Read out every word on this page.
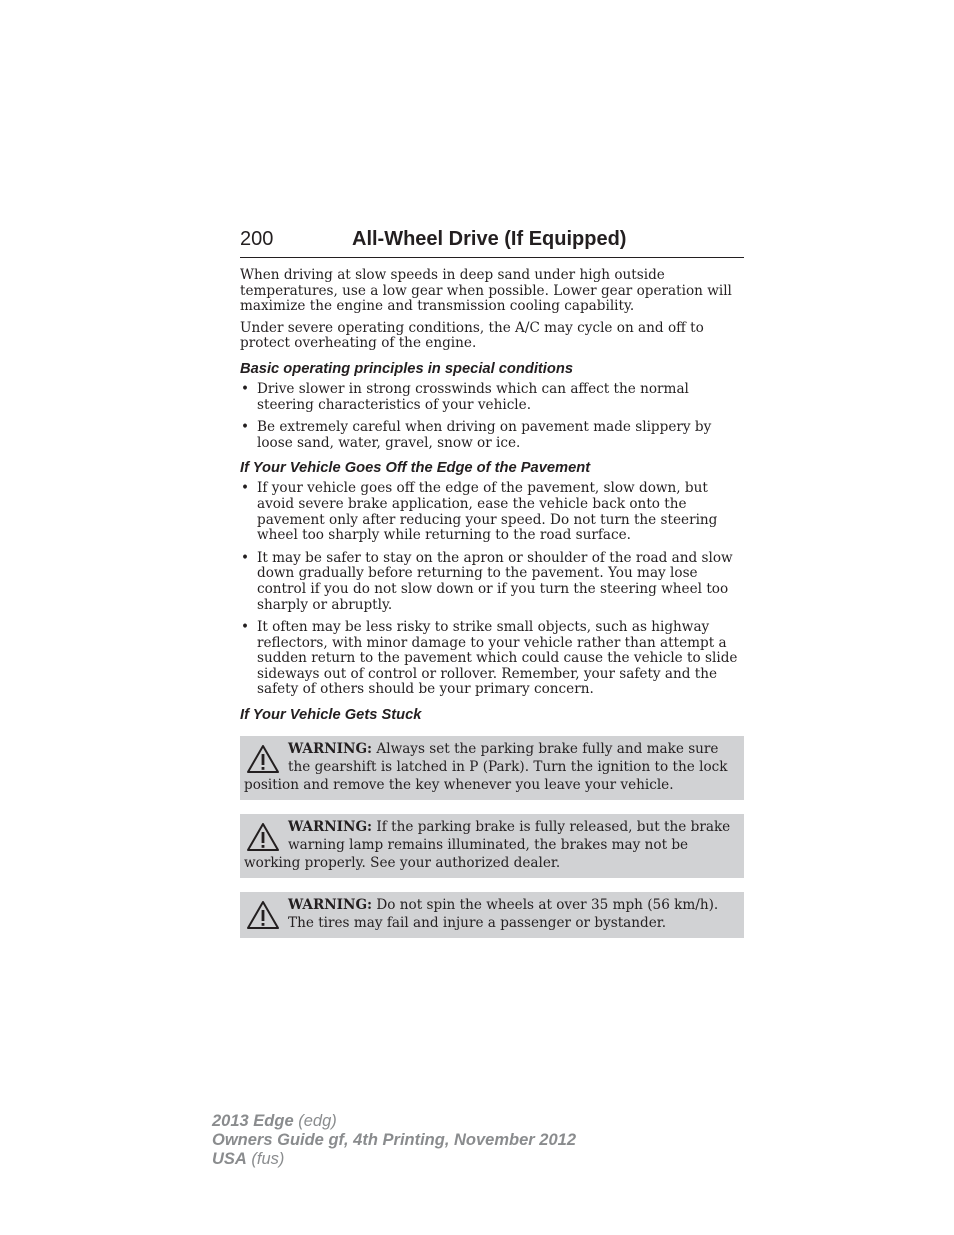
200	All-Wheel Drive (If Equipped)

When driving at slow speeds in deep sand under high outside temperatures, use a low gear when possible. Lower gear operation will maximize the engine and transmission cooling capability.

Under severe operating conditions, the A/C may cycle on and off to protect overheating of the engine.

Basic operating principles in special conditions
• Drive slower in strong crosswinds which can affect the normal steering characteristics of your vehicle.
• Be extremely careful when driving on pavement made slippery by loose sand, water, gravel, snow or ice.
If Your Vehicle Goes Off the Edge of the Pavement
• If your vehicle goes off the edge of the pavement, slow down, but avoid severe brake application, ease the vehicle back onto the pavement only after reducing your speed. Do not turn the steering wheel too sharply while returning to the road surface.
• It may be safer to stay on the apron or shoulder of the road and slow down gradually before returning to the pavement. You may lose control if you do not slow down or if you turn the steering wheel too sharply or abruptly.
• It often may be less risky to strike small objects, such as highway reflectors, with minor damage to your vehicle rather than attempt a sudden return to the pavement which could cause the vehicle to slide sideways out of control or rollover. Remember, your safety and the safety of others should be your primary concern.
If Your Vehicle Gets Stuck
WARNING: Always set the parking brake fully and make sure the gearshift is latched in P (Park). Turn the ignition to the lock position and remove the key whenever you leave your vehicle.
WARNING: If the parking brake is fully released, but the brake warning lamp remains illuminated, the brakes may not be working properly. See your authorized dealer.
WARNING: Do not spin the wheels at over 35 mph (56 km/h). The tires may fail and injure a passenger or bystander.
2013 Edge (edg)
Owners Guide gf, 4th Printing, November 2012
USA (fus)
